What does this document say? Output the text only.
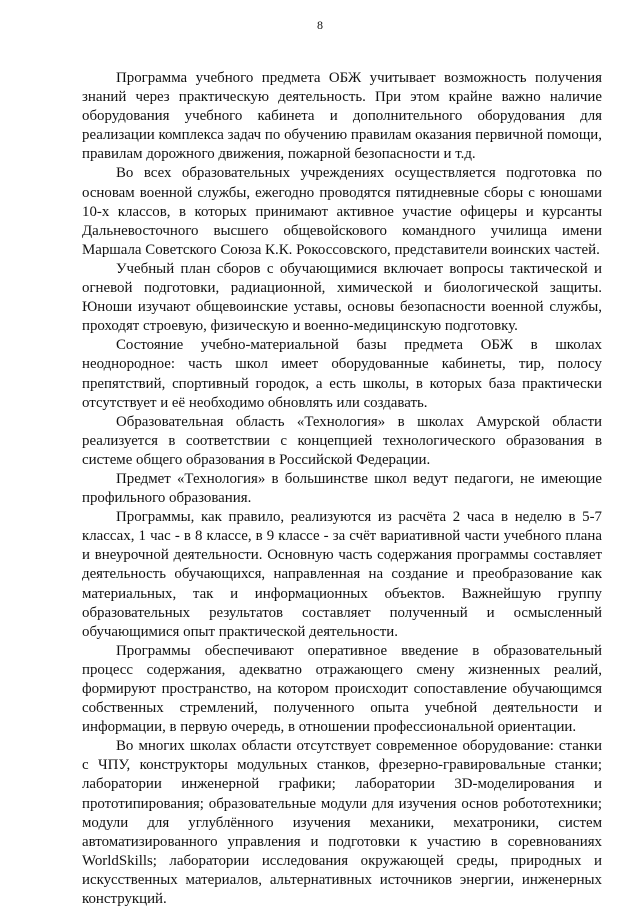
8

Программа учебного предмета ОБЖ учитывает возможность получения знаний через практическую деятельность. При этом крайне важно наличие оборудования учебного кабинета и дополнительного оборудования для реализации комплекса задач по обучению правилам оказания первичной помощи, правилам дорожного движения, пожарной безопасности и т.д.

Во всех образовательных учреждениях осуществляется подготовка по основам военной службы, ежегодно проводятся пятидневные сборы с юношами 10-х классов, в которых принимают активное участие офицеры и курсанты Дальневосточного высшего общевойскового командного училища имени Маршала Советского Союза К.К. Рокоссовского, представители воинских частей.

Учебный план сборов с обучающимися включает вопросы тактической и огневой подготовки, радиационной, химической и биологической защиты. Юноши изучают общевоинские уставы, основы безопасности военной службы, проходят строевую, физическую и военно-медицинскую подготовку.

Состояние учебно-материальной базы предмета ОБЖ в школах неоднородное: часть школ имеет оборудованные кабинеты, тир, полосу препятствий, спортивный городок, а есть школы, в которых база практически отсутствует и её необходимо обновлять или создавать.

Образовательная область «Технология» в школах Амурской области реализуется в соответствии с концепцией технологического образования в системе общего образования в Российской Федерации.

Предмет «Технология» в большинстве школ ведут педагоги, не имеющие профильного образования.

Программы, как правило, реализуются из расчёта 2 часа в неделю в 5-7 классах, 1 час - в 8 классе, в 9 классе - за счёт вариативной части учебного плана и внеурочной деятельности. Основную часть содержания программы составляет деятельность обучающихся, направленная на создание и преобразование как материальных, так и информационных объектов. Важнейшую группу образовательных результатов составляет полученный и осмысленный обучающимися опыт практической деятельности.

Программы обеспечивают оперативное введение в образовательный процесс содержания, адекватно отражающего смену жизненных реалий, формируют пространство, на котором происходит сопоставление обучающимся собственных стремлений, полученного опыта учебной деятельности и информации, в первую очередь, в отношении профессиональной ориентации.

Во многих школах области отсутствует современное оборудование: станки с ЧПУ, конструкторы модульных станков, фрезерно-гравировальные станки; лаборатории инженерной графики; лаборатории 3D-моделирования и прототипирования; образовательные модули для изучения основ робототехники; модули для углублённого изучения механики, мехатроники, систем автоматизированного управления и подготовки к участию в соревнованиях WorldSkills; лаборатории исследования окружающей среды, природных и искусственных материалов, альтернативных источников энергии, инженерных конструкций.
